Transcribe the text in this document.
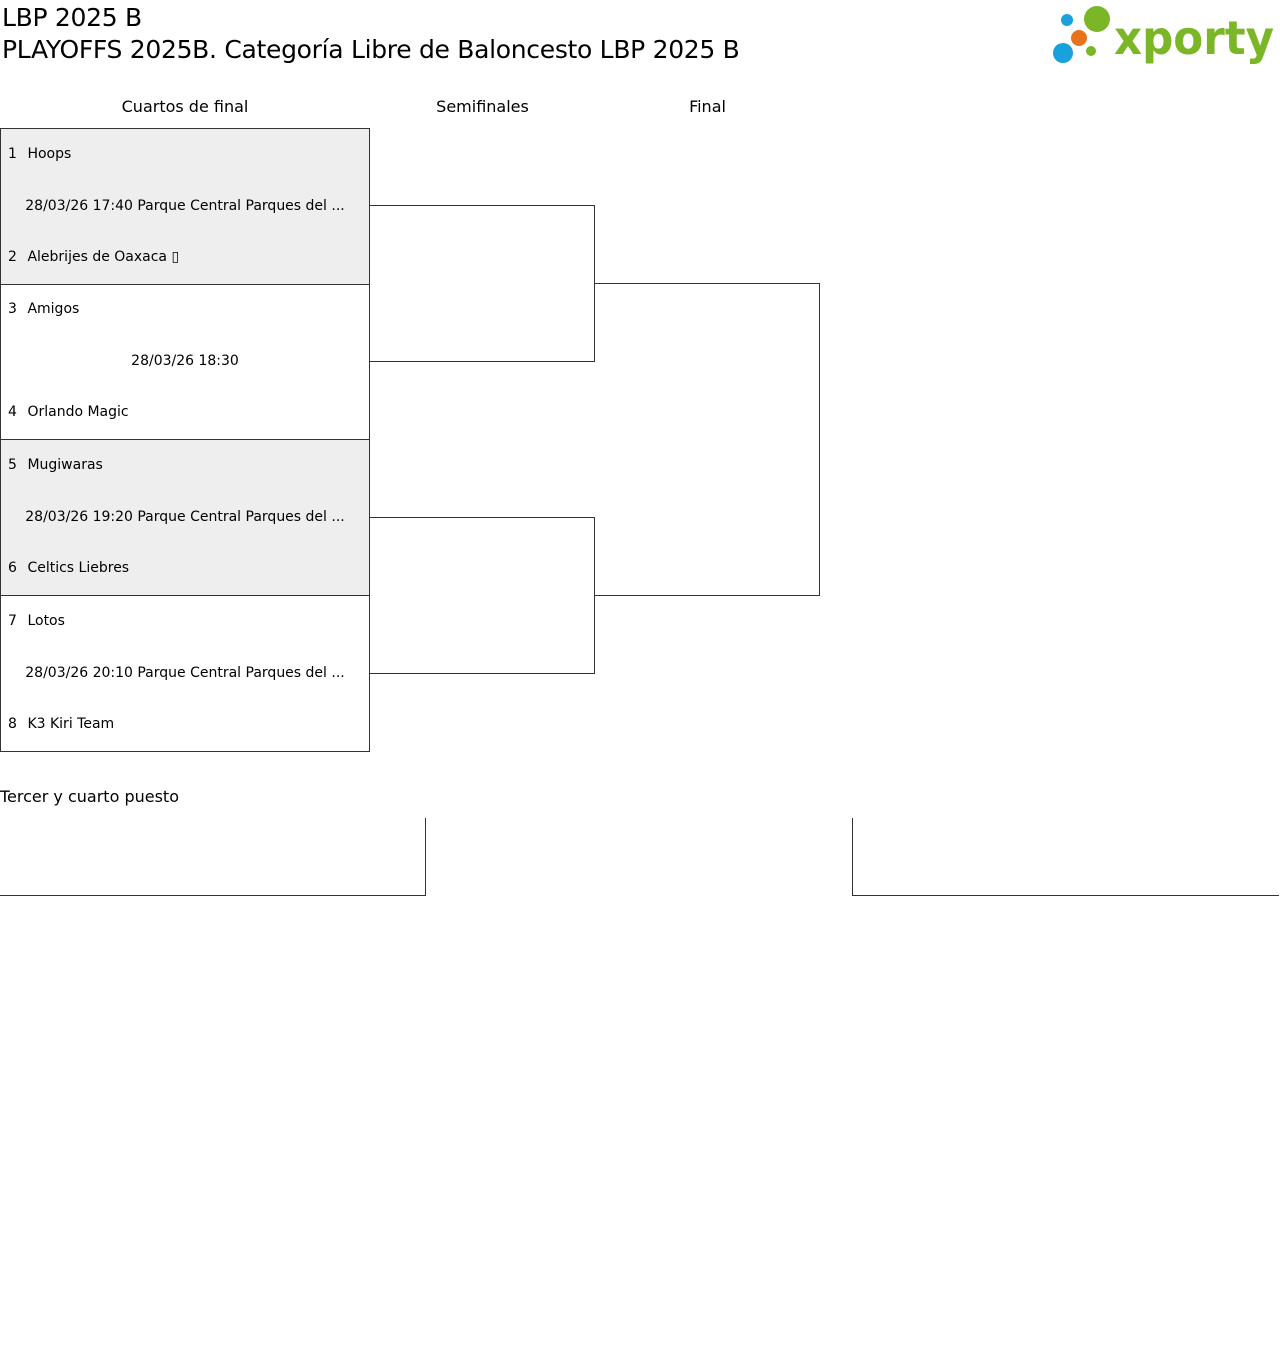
LBP 2025 B
PLAYOFFS 2025B. Categoría Libre de Baloncesto LBP 2025 B	xporty
Cuartos de final	Semifinales	Final
1 Hoops
28/03/26 17:40 Parque Central Parques del ...
2 Alebrijes de Oaxaca ▯
3 Amigos
28/03/26 18:30
4 Orlando Magic
5 Mugiwaras
28/03/26 19:20 Parque Central Parques del ...
6 Celtics Liebres
7 Lotos
28/03/26 20:10 Parque Central Parques del ...
8 K3 Kiri Team
Tercer y cuarto puesto
